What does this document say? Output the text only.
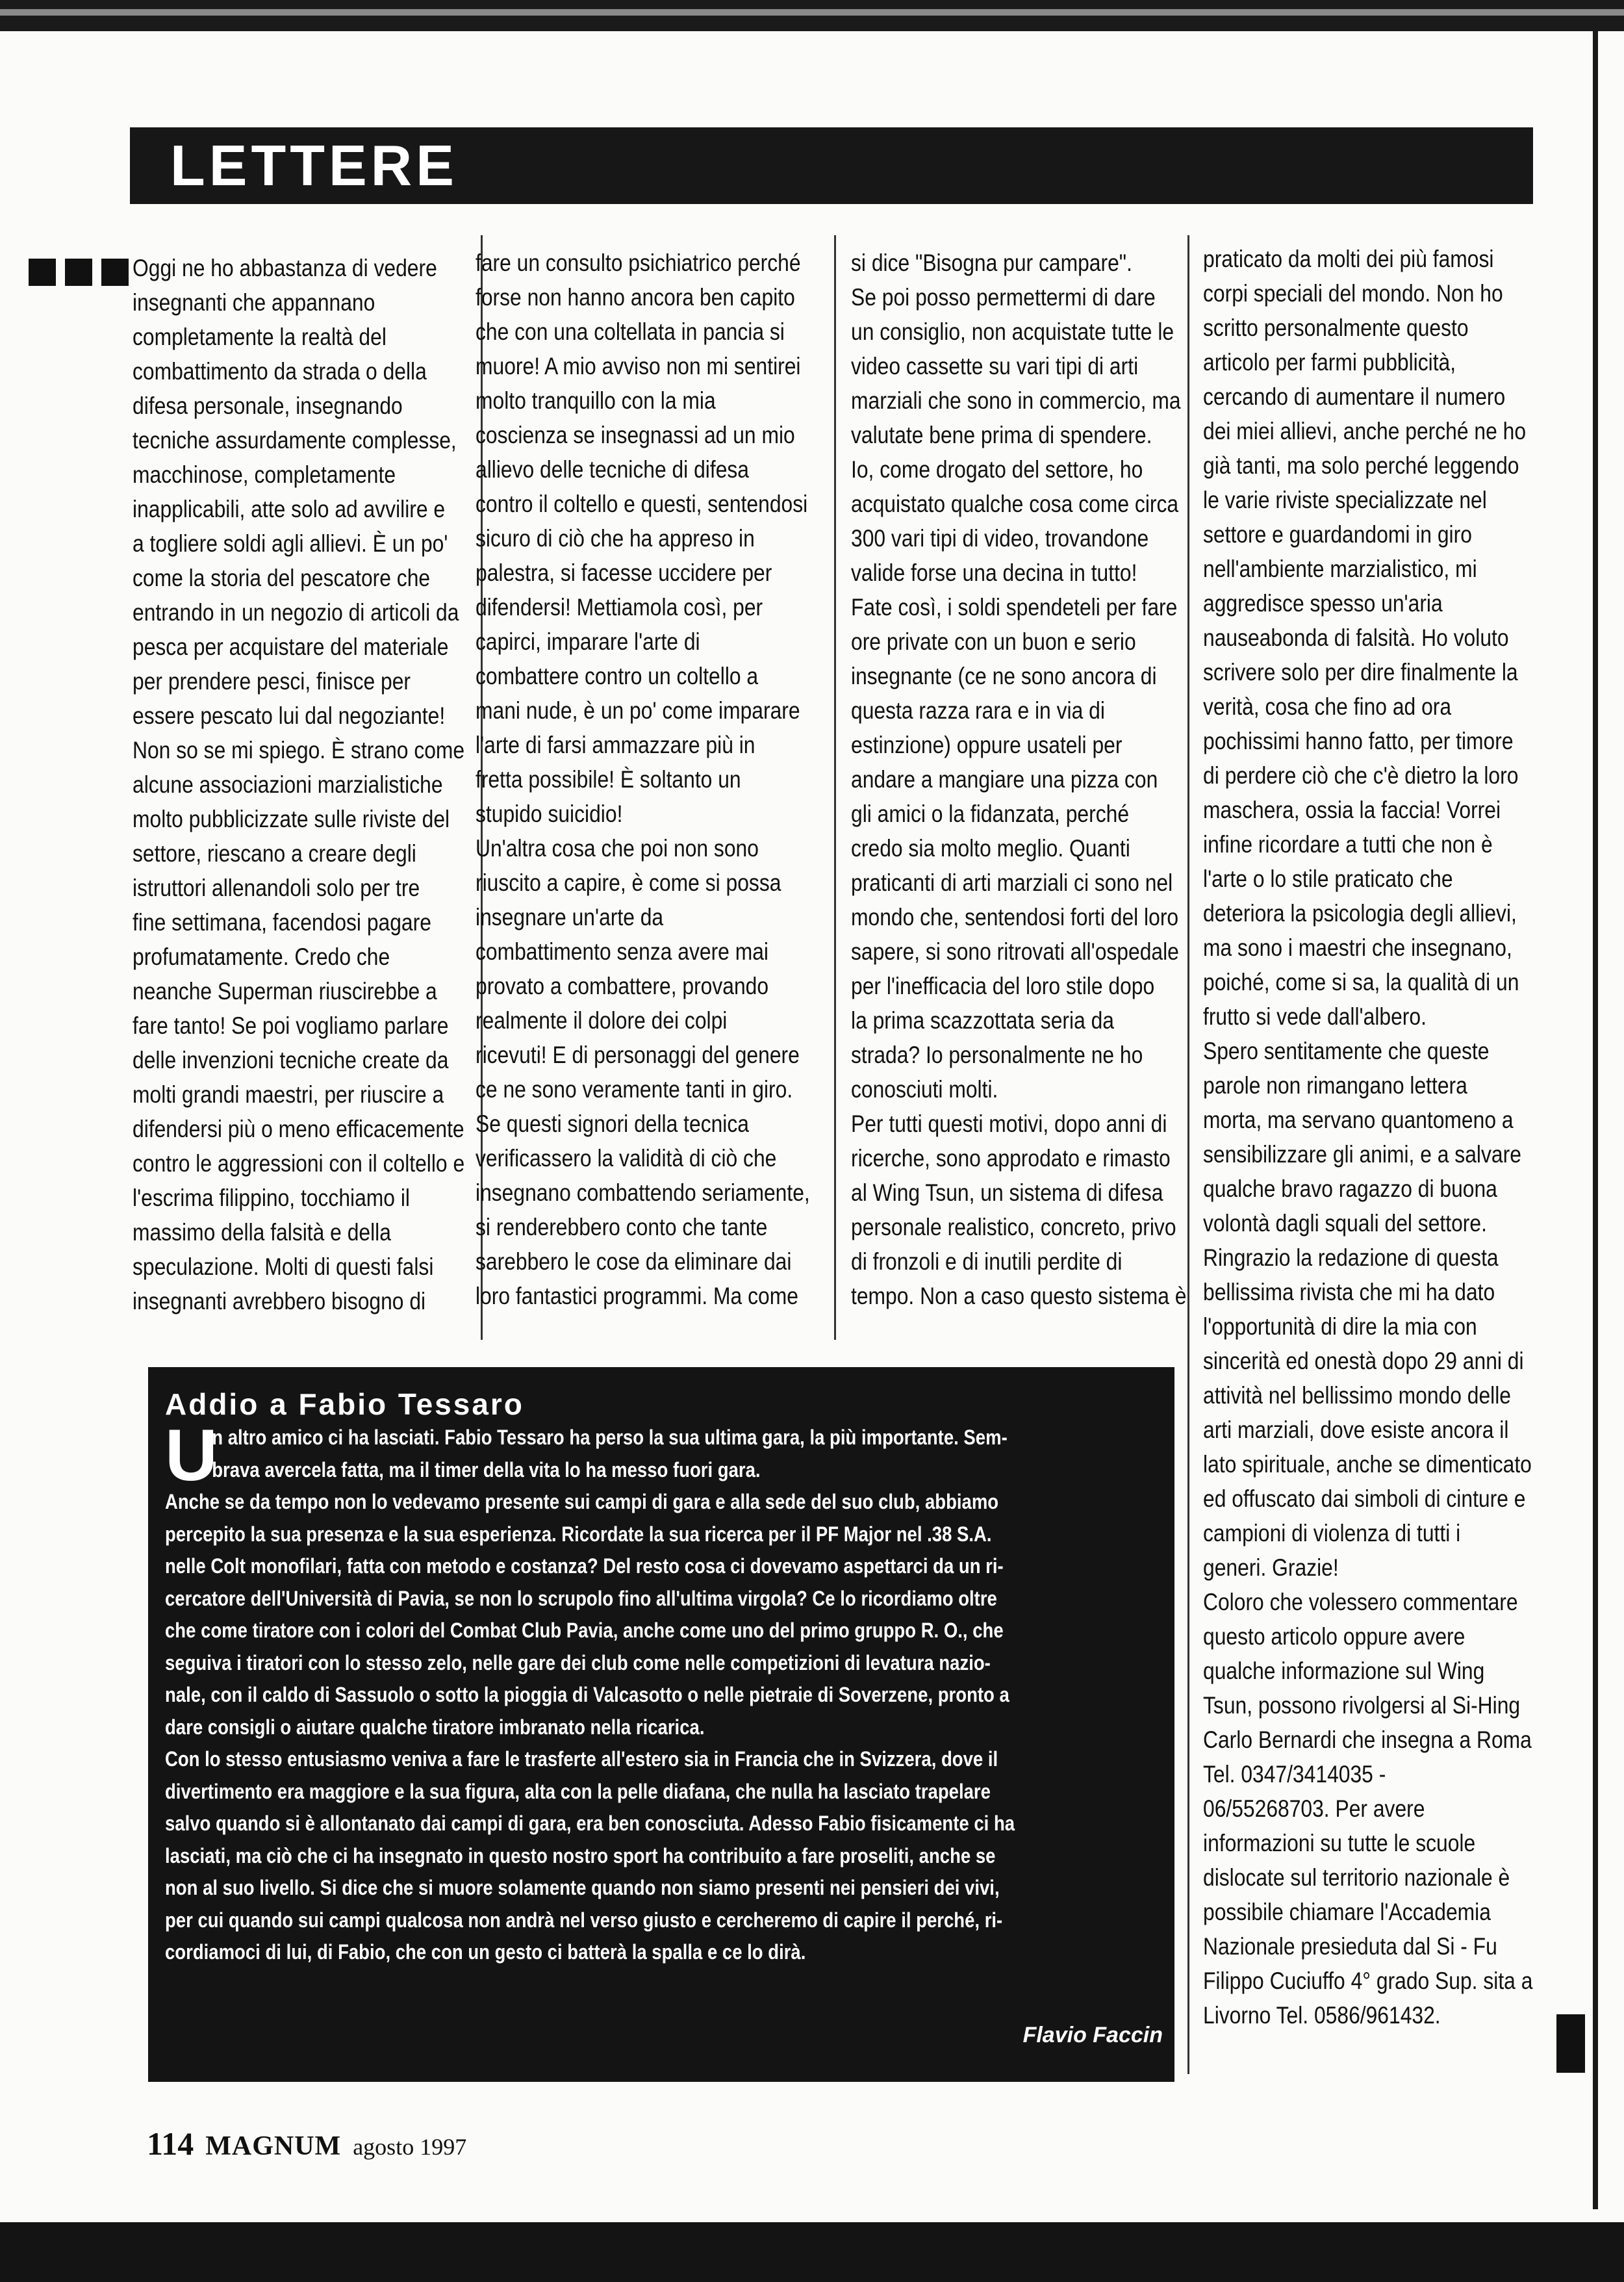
LETTERE

Oggi ne ho abbastanza di vedere
insegnanti che appannano
completamente la realtà del
combattimento da strada o della
difesa personale, insegnando
tecniche assurdamente complesse,
macchinose, completamente
inapplicabili, atte solo ad avvilire e
a togliere soldi agli allievi. È un po'
come la storia del pescatore che
entrando in un negozio di articoli da
pesca per acquistare del materiale
per prendere pesci, finisce per
essere pescato lui dal negoziante!
Non so se mi spiego. È strano come
alcune associazioni marzialistiche
molto pubblicizzate sulle riviste del
settore, riescano a creare degli
istruttori allenandoli solo per tre
fine settimana, facendosi pagare
profumatamente. Credo che
neanche Superman riuscirebbe a
fare tanto! Se poi vogliamo parlare
delle invenzioni tecniche create da
molti grandi maestri, per riuscire a
difendersi più o meno efficacemente
contro le aggressioni con il coltello e
l'escrima filippino, tocchiamo il
massimo della falsità e della
speculazione. Molti di questi falsi
insegnanti avrebbero bisogno di

fare un consulto psichiatrico perché
forse non hanno ancora ben capito
che con una coltellata in pancia si
muore! A mio avviso non mi sentirei
molto tranquillo con la mia
coscienza se insegnassi ad un mio
allievo delle tecniche di difesa
contro il coltello e questi, sentendosi
sicuro di ciò che ha appreso in
palestra, si facesse uccidere per
difendersi! Mettiamola così, per
capirci, imparare l'arte di
combattere contro un coltello a
mani nude, è un po' come imparare
l'arte di farsi ammazzare più in
fretta possibile! È soltanto un
stupido suicidio!
Un'altra cosa che poi non sono
riuscito a capire, è come si possa
insegnare un'arte da
combattimento senza avere mai
provato a combattere, provando
realmente il dolore dei colpi
ricevuti! E di personaggi del genere
ce ne sono veramente tanti in giro.
Se questi signori della tecnica
verificassero la validità di ciò che
insegnano combattendo seriamente,
si renderebbero conto che tante
sarebbero le cose da eliminare dai
loro fantastici programmi. Ma come

si dice "Bisogna pur campare".
Se poi posso permettermi di dare
un consiglio, non acquistate tutte le
video cassette su vari tipi di arti
marziali che sono in commercio, ma
valutate bene prima di spendere.
Io, come drogato del settore, ho
acquistato qualche cosa come circa
300 vari tipi di video, trovandone
valide forse una decina in tutto!
Fate così, i soldi spendeteli per fare
ore private con un buon e serio
insegnante (ce ne sono ancora di
questa razza rara e in via di
estinzione) oppure usateli per
andare a mangiare una pizza con
gli amici o la fidanzata, perché
credo sia molto meglio. Quanti
praticanti di arti marziali ci sono nel
mondo che, sentendosi forti del loro
sapere, si sono ritrovati all'ospedale
per l'inefficacia del loro stile dopo
la prima scazzottata seria da
strada? Io personalmente ne ho
conosciuti molti.
Per tutti questi motivi, dopo anni di
ricerche, sono approdato e rimasto
al Wing Tsun, un sistema di difesa
personale realistico, concreto, privo
di fronzoli e di inutili perdite di
tempo. Non a caso questo sistema è

praticato da molti dei più famosi
corpi speciali del mondo. Non ho
scritto personalmente questo
articolo per farmi pubblicità,
cercando di aumentare il numero
dei miei allievi, anche perché ne ho
già tanti, ma solo perché leggendo
le varie riviste specializzate nel
settore e guardandomi in giro
nell'ambiente marzialistico, mi
aggredisce spesso un'aria
nauseabonda di falsità. Ho voluto
scrivere solo per dire finalmente la
verità, cosa che fino ad ora
pochissimi hanno fatto, per timore
di perdere ciò che c'è dietro la loro
maschera, ossia la faccia! Vorrei
infine ricordare a tutti che non è
l'arte o lo stile praticato che
deteriora la psicologia degli allievi,
ma sono i maestri che insegnano,
poiché, come si sa, la qualità di un
frutto si vede dall'albero.
Spero sentitamente che queste
parole non rimangano lettera
morta, ma servano quantomeno a
sensibilizzare gli animi, e a salvare
qualche bravo ragazzo di buona
volontà dagli squali del settore.
Ringrazio la redazione di questa
bellissima rivista che mi ha dato
l'opportunità di dire la mia con
sincerità ed onestà dopo 29 anni di
attività nel bellissimo mondo delle
arti marziali, dove esiste ancora il
lato spirituale, anche se dimenticato
ed offuscato dai simboli di cinture e
campioni di violenza di tutti i
generi. Grazie!
Coloro che volessero commentare
questo articolo oppure avere
qualche informazione sul Wing
Tsun, possono rivolgersi al Si-Hing
Carlo Bernardi che insegna a Roma
Tel. 0347/3414035 -
06/55268703. Per avere
informazioni su tutte le scuole
dislocate sul territorio nazionale è
possibile chiamare l'Accademia
Nazionale presieduta dal Si - Fu
Filippo Cuciuffo 4° grado Sup. sita a
Livorno Tel. 0586/961432.

Addio a Fabio Tessaro
U

n altro amico ci ha lasciati. Fabio Tessaro ha perso la sua ultima gara, la più importante. Sem-
brava avercela fatta, ma il timer della vita lo ha messo fuori gara.

Anche se da tempo non lo vedevamo presente sui campi di gara e alla sede del suo club, abbiamo
percepito la sua presenza e la sua esperienza. Ricordate la sua ricerca per il PF Major nel .38 S.A.
nelle Colt monofilari, fatta con metodo e costanza? Del resto cosa ci dovevamo aspettarci da un ri-
cercatore dell'Università di Pavia, se non lo scrupolo fino all'ultima virgola? Ce lo ricordiamo oltre
che come tiratore con i colori del Combat Club Pavia, anche come uno del primo gruppo R. O., che
seguiva i tiratori con lo stesso zelo, nelle gare dei club come nelle competizioni di levatura nazio-
nale, con il caldo di Sassuolo o sotto la pioggia di Valcasotto o nelle pietraie di Soverzene, pronto a
dare consigli o aiutare qualche tiratore imbranato nella ricarica.
Con lo stesso entusiasmo veniva a fare le trasferte all'estero sia in Francia che in Svizzera, dove il
divertimento era maggiore e la sua figura, alta con la pelle diafana, che nulla ha lasciato trapelare
salvo quando si è allontanato dai campi di gara, era ben conosciuta. Adesso Fabio fisicamente ci ha
lasciati, ma ciò che ci ha insegnato in questo nostro sport ha contribuito a fare proseliti, anche se
non al suo livello. Si dice che si muore solamente quando non siamo presenti nei pensieri dei vivi,
per cui quando sui campi qualcosa non andrà nel verso giusto e cercheremo di capire il perché, ri-
cordiamoci di lui, di Fabio, che con un gesto ci batterà la spalla e ce lo dirà.

Flavio Faccin
114 MAGNUM agosto 1997
